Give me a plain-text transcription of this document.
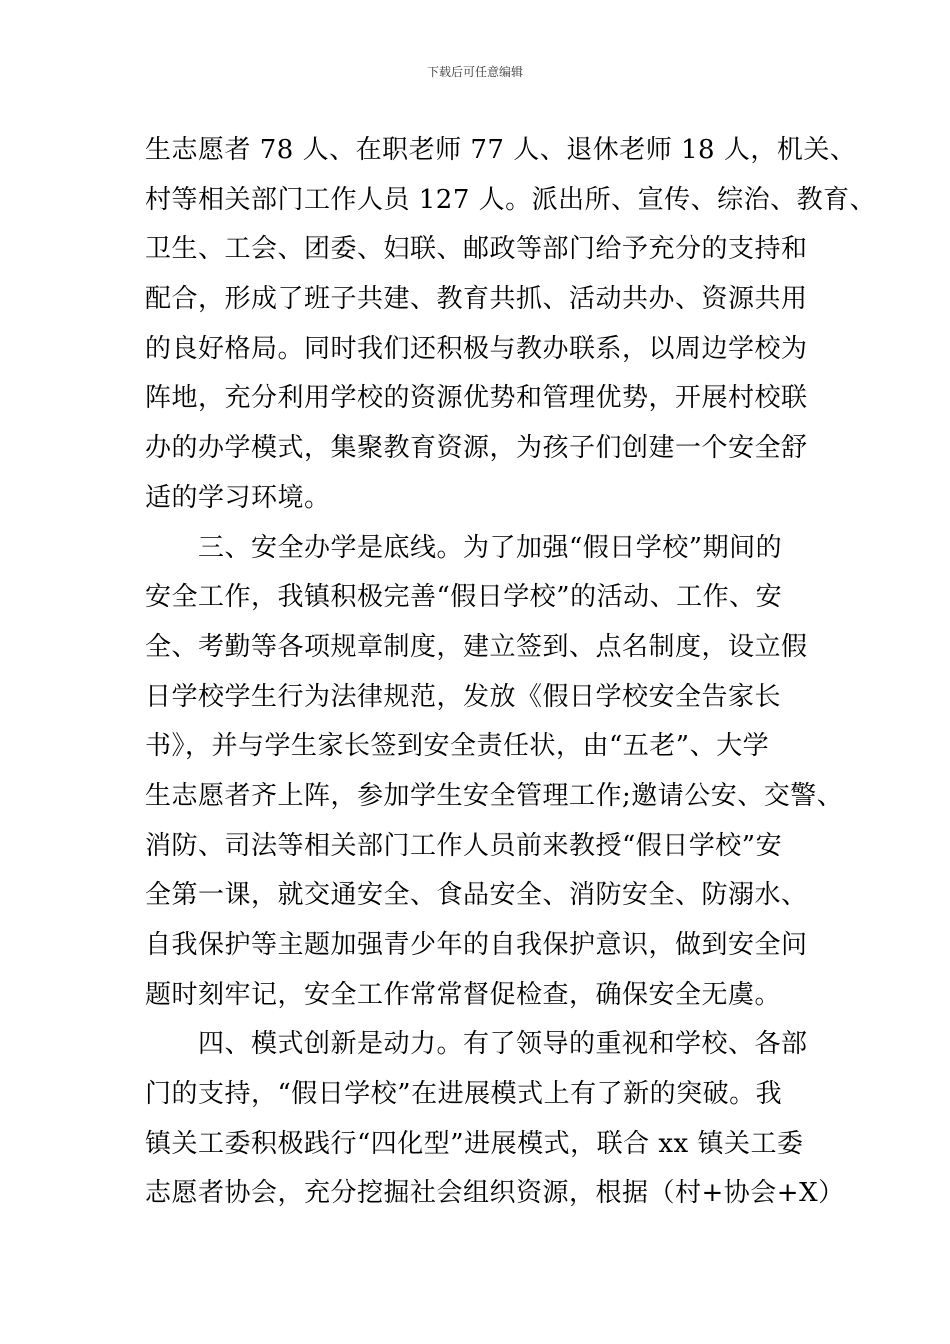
下载后可任意编辑
生志愿者 78 人、在职老师 77 人、退休老师 18 人，机关、
村等相关部门工作人员 127 人。派出所、宣传、综治、教育、
卫生、工会、团委、妇联、邮政等部门给予充分的支持和
配合，形成了班子共建、教育共抓、活动共办、资源共用
的良好格局。同时我们还积极与教办联系，以周边学校为
阵地，充分利用学校的资源优势和管理优势，开展村校联
办的办学模式，集聚教育资源，为孩子们创建一个安全舒
适的学习环境。
　　三、安全办学是底线。为了加强“假日学校”期间的
安全工作，我镇积极完善“假日学校”的活动、工作、安
全、考勤等各项规章制度，建立签到、点名制度，设立假
日学校学生行为法律规范，发放《假日学校安全告家长
书》，并与学生家长签到安全责任状，由“五老”、大学
生志愿者齐上阵，参加学生安全管理工作;邀请公安、交警、
消防、司法等相关部门工作人员前来教授“假日学校”安
全第一课，就交通安全、食品安全、消防安全、防溺水、
自我保护等主题加强青少年的自我保护意识，做到安全问
题时刻牢记，安全工作常常督促检查，确保安全无虞。
　　四、模式创新是动力。有了领导的重视和学校、各部
门的支持，“假日学校”在进展模式上有了新的突破。我
镇关工委积极践行“四化型”进展模式，联合 xx 镇关工委
志愿者协会，充分挖掘社会组织资源，根据（村+协会+X）
